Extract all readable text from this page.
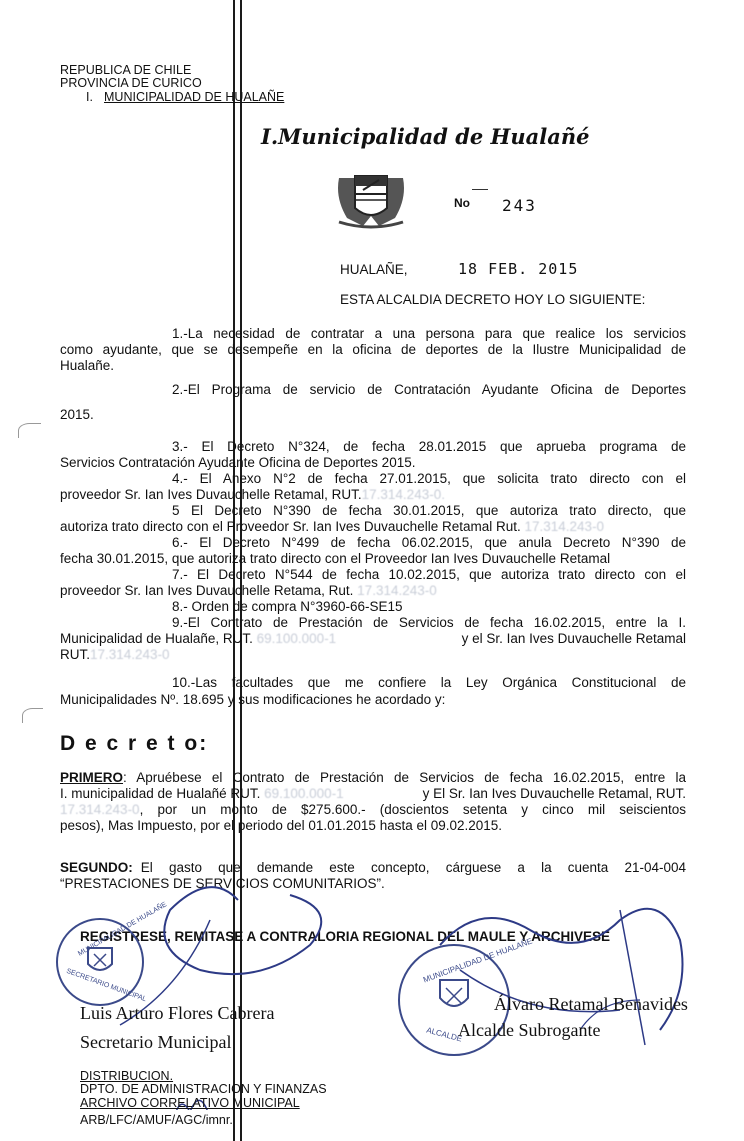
REPUBLICA DE CHILE
PROVINCIA DE CURICO
I. MUNICIPALIDAD DE HUALAÑE
I.Municipalidad de Hualañé
No 243
HUALAÑE,	18 FEB. 2015
ESTA ALCALDIA DECRETO HOY LO SIGUIENTE:
1.-La necesidad de contratar a una persona para que realice los servicios
como ayudante, que se desempeñe en la oficina de deportes de la Ilustre Municipalidad de
Hualañe.
2.-El Programa de servicio de Contratación Ayudante Oficina de Deportes
2015.
3.- El Decreto N°324, de fecha 28.01.2015 que aprueba programa de
Servicios Contratación Ayudante Oficina de Deportes 2015.
4.- El Anexo N°2 de fecha 27.01.2015, que solicita trato directo con el
proveedor Sr. Ian Ives Duvauchelle Retamal, RUT.17.314.243-0.
5 El Decreto N°390 de fecha 30.01.2015, que autoriza trato directo, que
autoriza trato directo con el Proveedor Sr. Ian Ives Duvauchelle Retamal Rut. 17.314.243-0
6.- El Decreto N°499 de fecha 06.02.2015, que anula Decreto N°390 de
fecha 30.01.2015, que autoriza trato directo con el Proveedor Ian Ives Duvauchelle Retamal
7.- El Decreto N°544 de fecha 10.02.2015, que autoriza trato directo con el
proveedor Sr. Ian Ives Duvauchelle Retama, Rut. 17.314.243-0
8.- Orden de compra N°3960-66-SE15
9.-El Contrato de Prestación de Servicios de fecha 16.02.2015, entre la I.
Municipalidad de Hualañe, RUT. 69.100.000-1	y el Sr. Ian Ives Duvauchelle Retamal
RUT.17.314.243-0
10.-Las facultades que me confiere la Ley Orgánica Constitucional de
Municipalidades Nº. 18.695 y sus modificaciones he acordado y:
D e c r e t o:
PRIMERO: Apruébese el Contrato de Prestación de Servicios de fecha 16.02.2015, entre la
I. municipalidad de Hualañé RUT. 69.100.000-1	y El Sr. Ian Ives Duvauchelle Retamal, RUT.
17.314.243-0 , por un monto de $275.600.- (doscientos setenta y cinco mil seiscientos
pesos), Mas Impuesto, por el periodo del 01.01.2015 hasta el 09.02.2015.
SEGUNDO: El gasto que demande este concepto, cárguese a la cuenta 21-04-004
“PRESTACIONES DE SERVICIOS COMUNITARIOS”.
REGISTRESE, REMITASE A CONTRALORIA REGIONAL DEL MAULE Y ARCHIVESE
MUNICIPALIDAD DE HUALAÑE
SECRETARIO MUNICIPAL
MUNICIPALIDAD DE HUALAÑE
ALCALDE
Luis Arturo Flores Cabrera
Secretario Municipal
Álvaro Retamal Benavides
Alcalde Subrogante
DISTRIBUCION.
DPTO. DE ADMINISTRACION Y FINANZAS
ARCHIVO CORRELATIVO MUNICIPAL
ARB/LFC/AMUF/AGC/imnr.
